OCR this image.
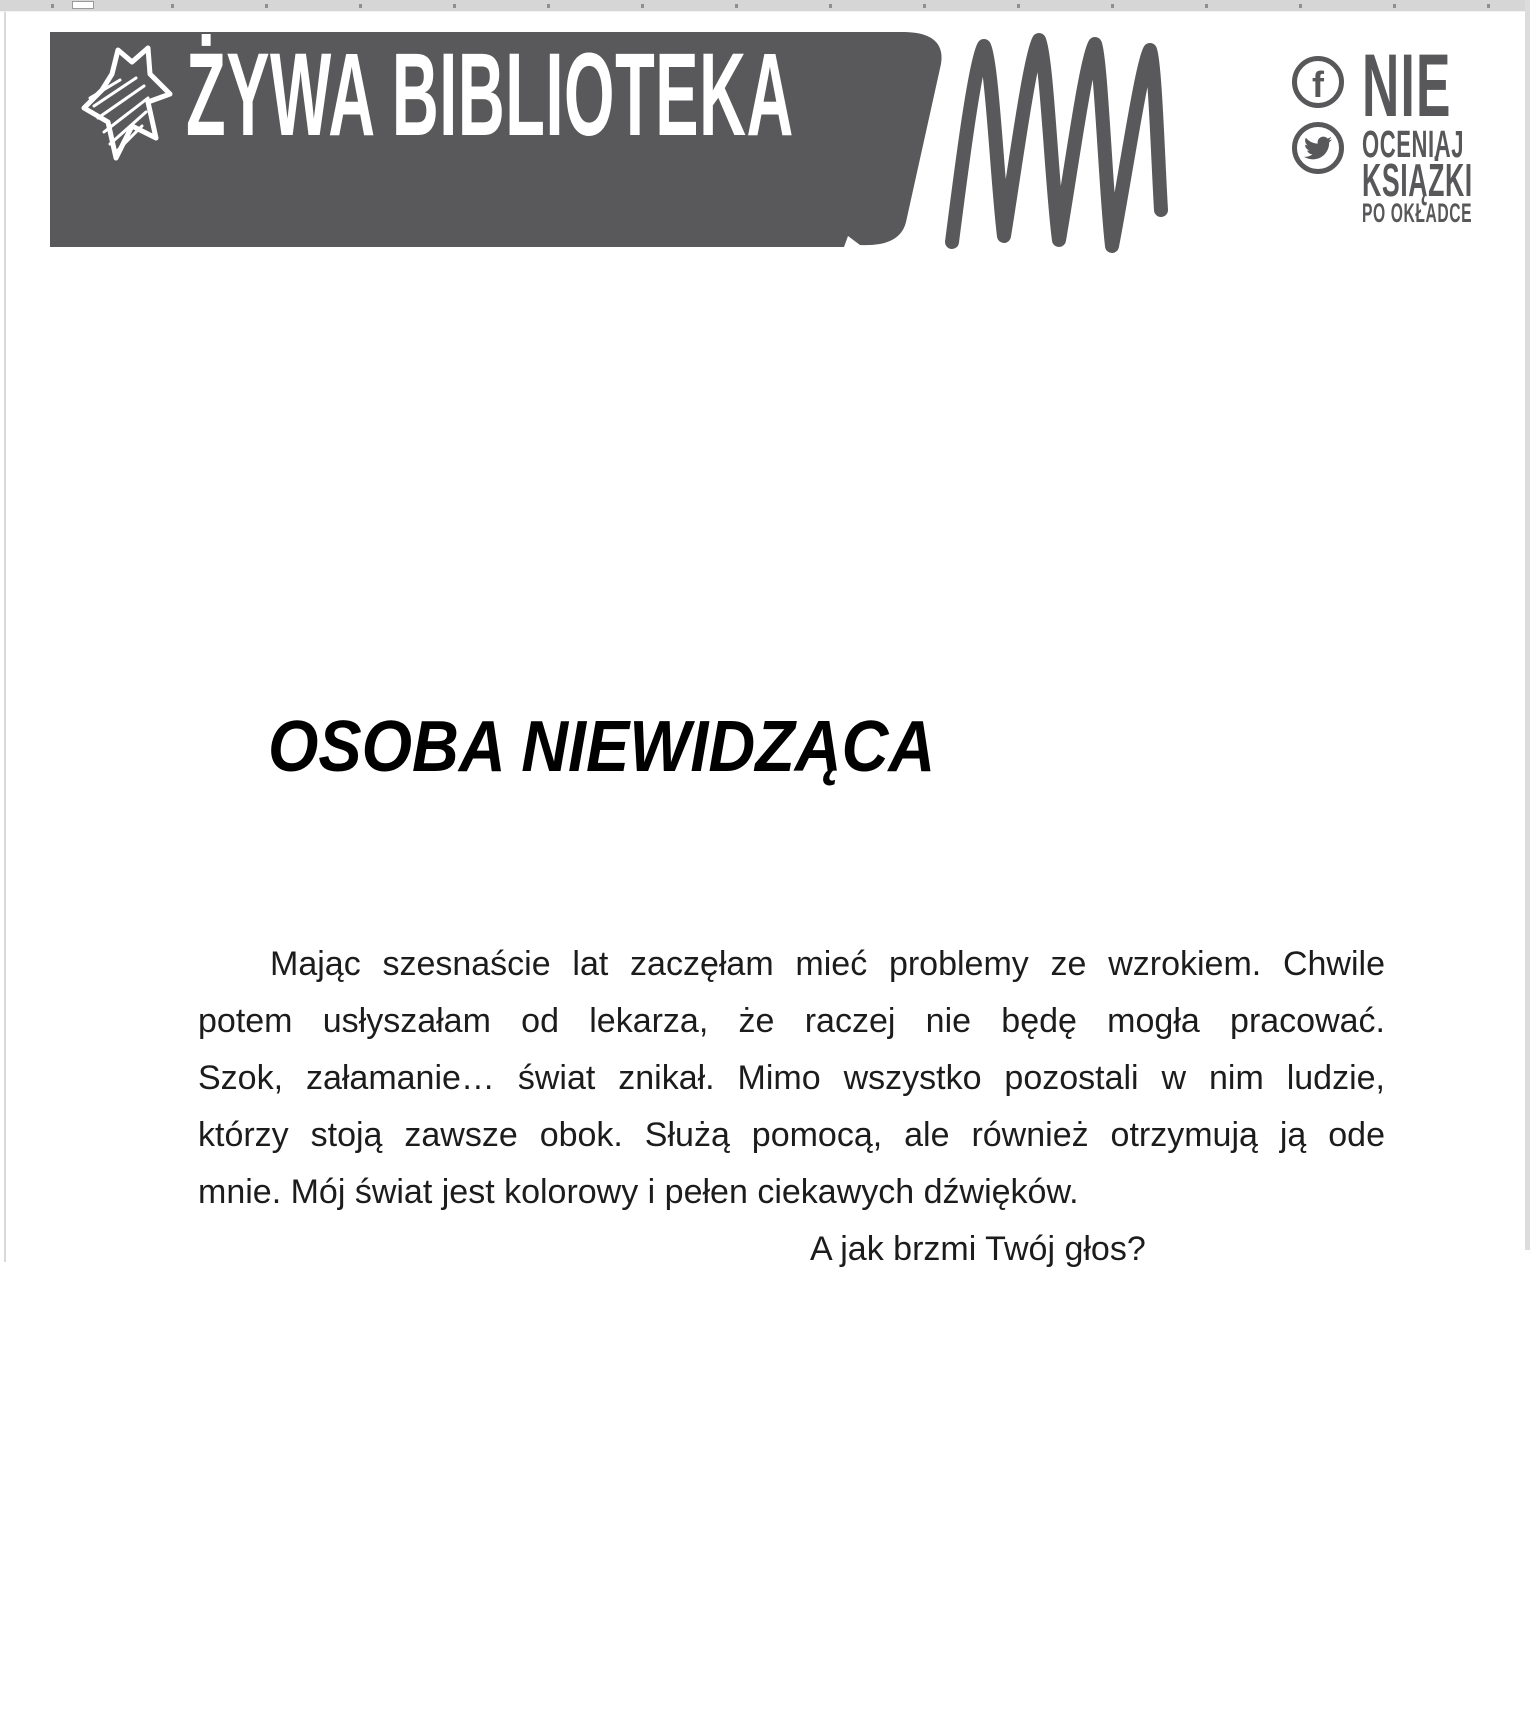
ŻYWA BIBLIOTEKA	f NIE
OCENIAJ
KSIĄŻKI
PO OKŁADCE
OSOBA NIEWIDZĄCA
Mając szesnaście lat zaczęłam mieć problemy ze wzrokiem. Chwile
potem usłyszałam od lekarza, że raczej nie będę mogła pracować.
Szok, załamanie… świat znikał. Mimo wszystko pozostali w nim ludzie,
którzy stoją zawsze obok. Służą pomocą, ale również otrzymują ją ode
mnie. Mój świat jest kolorowy i pełen ciekawych dźwięków.
A jak brzmi Twój głos?
